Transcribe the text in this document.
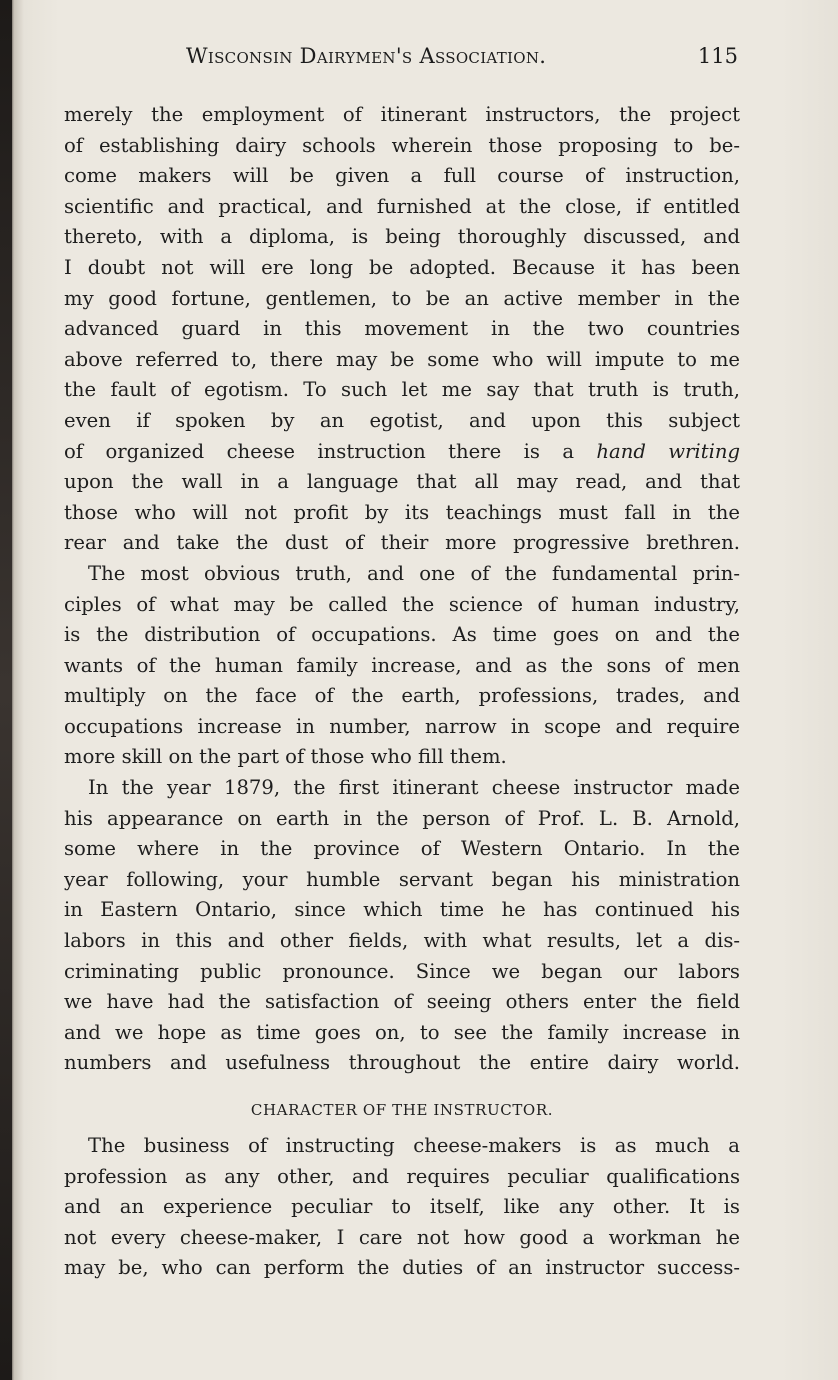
Wisconsin Dairymen's Association.	115
merely the employment of itinerant instructors, the project
of establishing dairy schools wherein those proposing to be-
come makers will be given a full course of instruction,
scientific and practical, and furnished at the close, if entitled
thereto, with a diploma, is being thoroughly discussed, and
I doubt not will ere long be adopted. Because it has been
my good fortune, gentlemen, to be an active member in the
advanced guard in this movement in the two countries
above referred to, there may be some who will impute to me
the fault of egotism. To such let me say that truth is truth,
even if spoken by an egotist, and upon this subject
of organized cheese instruction there is a hand writing
upon the wall in a language that all may read, and that
those who will not profit by its teachings must fall in the
rear and take the dust of their more progressive brethren.
The most obvious truth, and one of the fundamental prin-
ciples of what may be called the science of human industry,
is the distribution of occupations. As time goes on and the
wants of the human family increase, and as the sons of men
multiply on the face of the earth, professions, trades, and
occupations increase in number, narrow in scope and require
more skill on the part of those who fill them.
In the year 1879, the first itinerant cheese instructor made
his appearance on earth in the person of Prof. L. B. Arnold,
some where in the province of Western Ontario. In the
year following, your humble servant began his ministration
in Eastern Ontario, since which time he has continued his
labors in this and other fields, with what results, let a dis-
criminating public pronounce. Since we began our labors
we have had the satisfaction of seeing others enter the field
and we hope as time goes on, to see the family increase in
numbers and usefulness throughout the entire dairy world.
CHARACTER OF THE INSTRUCTOR.
The business of instructing cheese-makers is as much a
profession as any other, and requires peculiar qualifications
and an experience peculiar to itself, like any other. It is
not every cheese-maker, I care not how good a workman he
may be, who can perform the duties of an instructor success-
